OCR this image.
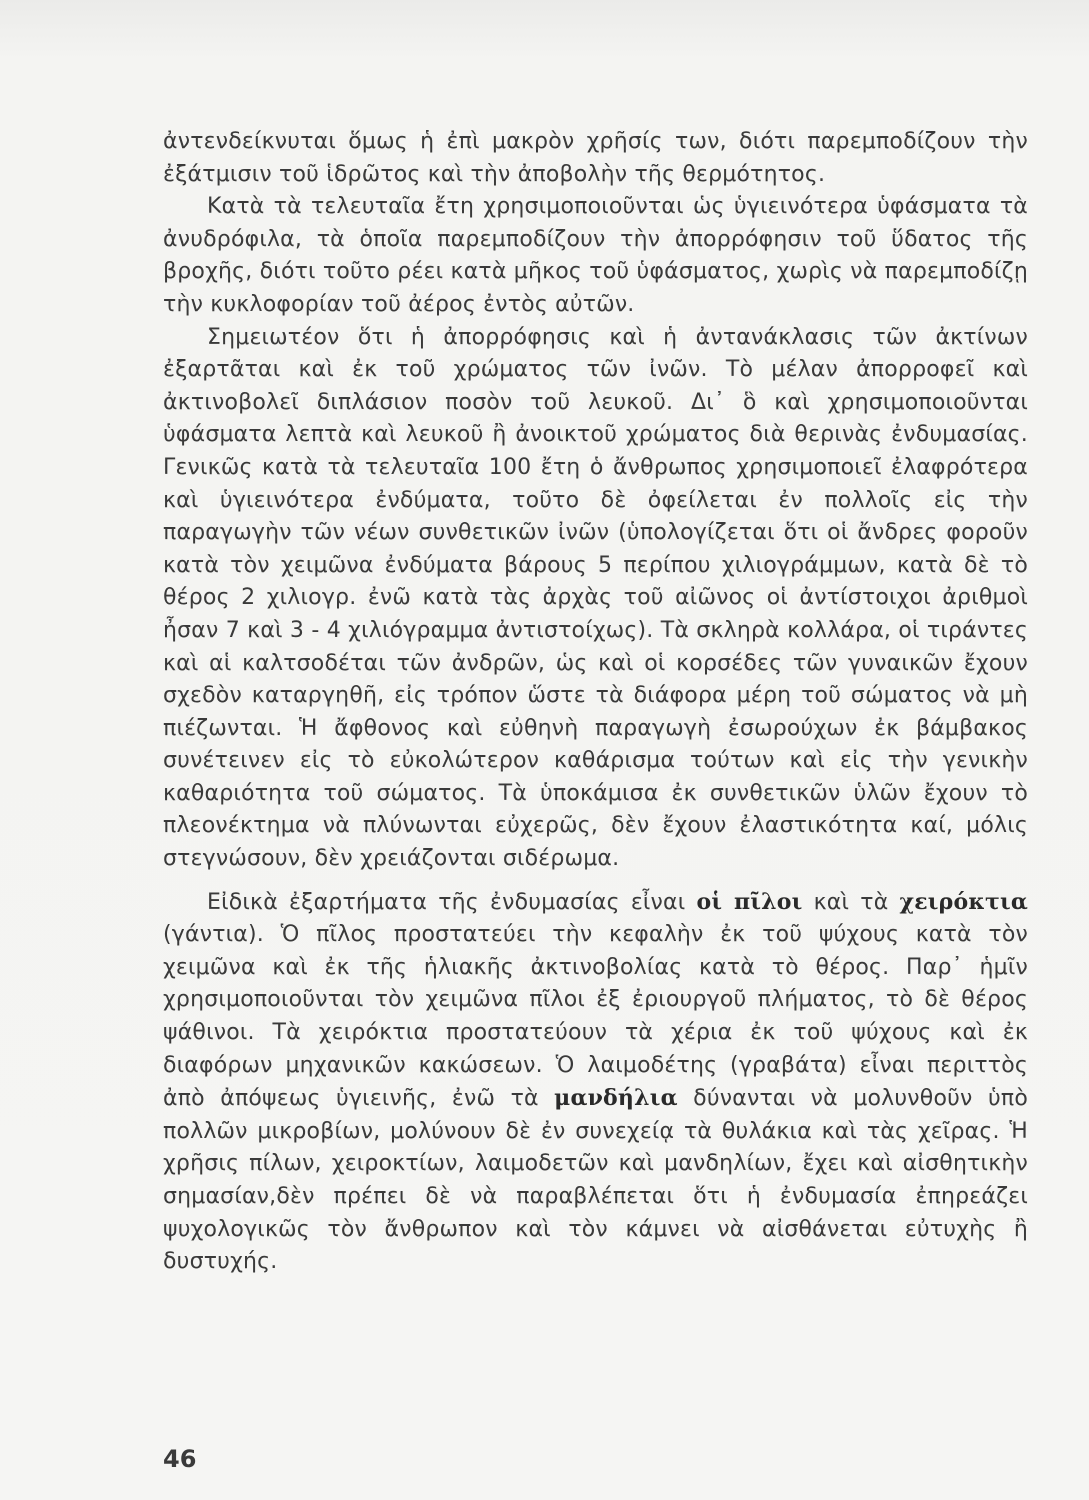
ἀντενδείκνυται ὅμως ἡ ἐπὶ μακρὸν χρῆσίς των, διότι παρεμποδίζουν τὴν ἐξάτμισιν τοῦ ἱδρῶτος καὶ τὴν ἀποβολὴν τῆς θερμότητος.

Κατὰ τὰ τελευταῖα ἔτη χρησιμοποιοῦνται ὡς ὑγιεινότερα ὑφάσματα τὰ ἀνυδρόφιλα, τὰ ὁποῖα παρεμποδίζουν τὴν ἀπορρόφησιν τοῦ ὕδατος τῆς βροχῆς, διότι τοῦτο ρέει κατὰ μῆκος τοῦ ὑφάσματος, χωρὶς νὰ παρεμποδίζῃ τὴν κυκλοφορίαν τοῦ ἀέρος ἐντὸς αὐτῶν.

Σημειωτέον ὅτι ἡ ἀπορρόφησις καὶ ἡ ἀντανάκλασις τῶν ἀκτίνων ἐξαρτᾶται καὶ ἐκ τοῦ χρώματος τῶν ἰνῶν. Τὸ μέλαν ἀπορροφεῖ καὶ ἀκτινοβολεῖ διπλάσιον ποσὸν τοῦ λευκοῦ. Δι᾿ ὃ καὶ χρησιμοποιοῦνται ὑφάσματα λεπτὰ καὶ λευκοῦ ἢ ἀνοικτοῦ χρώματος διὰ θερινὰς ἐνδυμασίας. Γενικῶς κατὰ τὰ τελευταῖα 100 ἔτη ὁ ἄνθρωπος χρησιμοποιεῖ ἐλαφρότερα καὶ ὑγιεινότερα ἐνδύματα, τοῦτο δὲ ὀφείλεται ἐν πολλοῖς εἰς τὴν παραγωγὴν τῶν νέων συνθετικῶν ἰνῶν (ὑπολογίζεται ὅτι οἱ ἄνδρες φοροῦν κατὰ τὸν χειμῶνα ἐνδύματα βάρους 5 περίπου χιλιογράμμων, κατὰ δὲ τὸ θέρος 2 χιλιογρ. ἐνῶ κατὰ τὰς ἀρχὰς τοῦ αἰῶνος οἱ ἀντίστοιχοι ἀριθμοὶ ἦσαν 7 καὶ 3 - 4 χιλιόγραμμα ἀντιστοίχως). Τὰ σκληρὰ κολλάρα, οἱ τιράντες καὶ αἱ καλτσοδέται τῶν ἀνδρῶν, ὡς καὶ οἱ κορσέδες τῶν γυναικῶν ἔχουν σχεδὸν καταργηθῆ, εἰς τρόπον ὥστε τὰ διάφορα μέρη τοῦ σώματος νὰ μὴ πιέζωνται. Ἡ ἄφθονος καὶ εὐθηνὴ παραγωγὴ ἐσωρούχων ἐκ βάμβακος συνέτεινεν εἰς τὸ εὐκολώτερον καθάρισμα τούτων καὶ εἰς τὴν γενικὴν καθαριότητα τοῦ σώματος. Τὰ ὑποκάμισα ἐκ συνθετικῶν ὑλῶν ἔχουν τὸ πλεονέκτημα νὰ πλύνωνται εὐχερῶς, δὲν ἔχουν ἐλαστικότητα καί, μόλις στεγνώσουν, δὲν χρειάζονται σιδέρωμα.

Εἰδικὰ ἐξαρτήματα τῆς ἐνδυμασίας εἶναι οἱ πῖλοι καὶ τὰ χειρόκτια (γάντια). Ὁ πῖλος προστατεύει τὴν κεφαλὴν ἐκ τοῦ ψύχους κατὰ τὸν χειμῶνα καὶ ἐκ τῆς ἡλιακῆς ἀκτινοβολίας κατὰ τὸ θέρος. Παρ᾿ ἡμῖν χρησιμοποιοῦνται τὸν χειμῶνα πῖλοι ἐξ ἐριουργοῦ πλήματος, τὸ δὲ θέρος ψάθινοι. Τὰ χειρόκτια προστατεύουν τὰ χέρια ἐκ τοῦ ψύχους καὶ ἐκ διαφόρων μηχανικῶν κακώσεων. Ὁ λαιμοδέτης (γραβάτα) εἶναι περιττὸς ἀπὸ ἀπόψεως ὑγιεινῆς, ἐνῶ τὰ μανδήλια δύνανται νὰ μολυνθοῦν ὑπὸ πολλῶν μικροβίων, μολύνουν δὲ ἐν συνεχείᾳ τὰ θυλάκια καὶ τὰς χεῖρας. Ἡ χρῆσις πίλων, χειροκτίων, λαιμοδετῶν καὶ μανδηλίων, ἔχει καὶ αἰσθητικὴν σημασίαν,δὲν πρέπει δὲ νὰ παραβλέπεται ὅτι ἡ ἐνδυμασία ἐπηρεάζει ψυχολογικῶς τὸν ἄνθρωπον καὶ τὸν κάμνει νὰ αἰσθάνεται εὐτυχὴς ἢ δυστυχής.

46
